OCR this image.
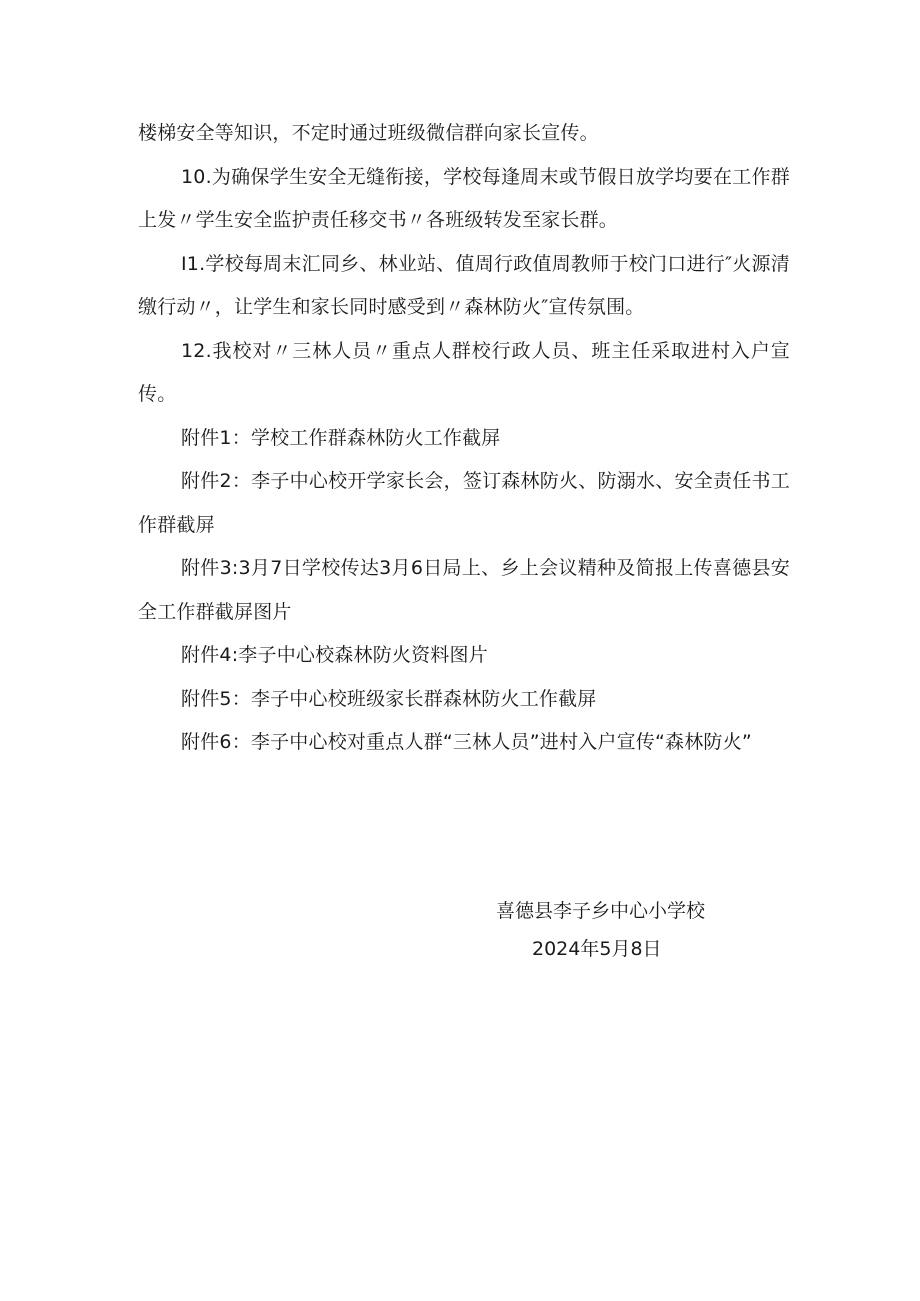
楼梯安全等知识，不定时通过班级微信群向家长宣传。

10.为确保学生安全无缝衔接，学校每逢周末或节假日放学均要在工作群上发〃学生安全监护责任移交书〃各班级转发至家长群。

I1.学校每周末汇同乡、林业站、值周行政值周教师于校门口进行″火源清缴行动〃，让学生和家长同时感受到〃森林防火″宣传氛围。

12.我校对〃三林人员〃重点人群校行政人员、班主任采取进村入户宣传。

附件1：学校工作群森林防火工作截屏

附件2：李子中心校开学家长会，签订森林防火、防溺水、安全责任书工作群截屏

附件3:3月7日学校传达3月6日局上、乡上会议精种及简报上传喜德县安全工作群截屏图片

附件4:李子中心校森林防火资料图片

附件5：李子中心校班级家长群森林防火工作截屏

附件6：李子中心校对重点人群“三林人员”进村入户宣传“森林防火”

喜德县李子乡中心小学校
2024年5月8日
